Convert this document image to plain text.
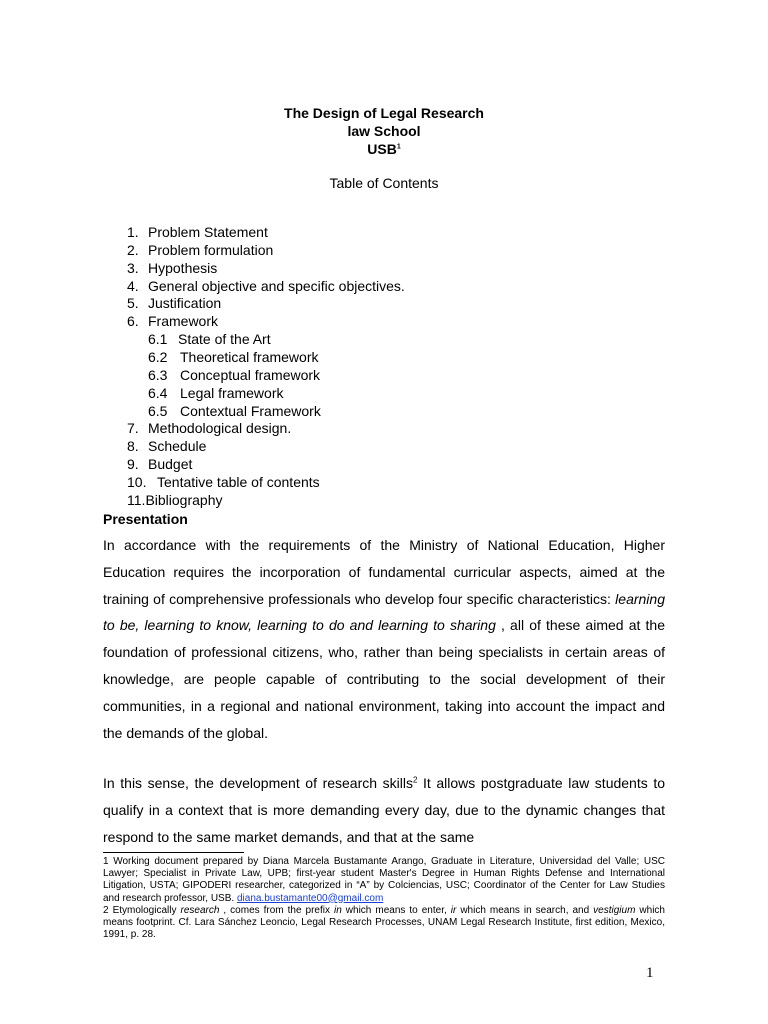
The Design of Legal Research
law School
USB$^1$
Table of Contents
1. Problem Statement
2. Problem formulation
3. Hypothesis
4. General objective and specific objectives.
5. Justification
6. Framework
6.1 State of the Art
6.2 Theoretical framework
6.3 Conceptual framework
6.4 Legal framework
6.5 Contextual Framework
7. Methodological design.
8. Schedule
9. Budget
10. Tentative table of contents
11.Bibliography
Presentation
In accordance with the requirements of the Ministry of National Education, Higher Education requires the incorporation of fundamental curricular aspects, aimed at the training of comprehensive professionals who develop four specific characteristics: learning to be, learning to know, learning to do and learning to sharing , all of these aimed at the foundation of professional citizens, who, rather than being specialists in certain areas of knowledge, are people capable of contributing to the social development of their communities, in a regional and national environment, taking into account the impact and the demands of the global.
In this sense, the development of research skills$^2$ It allows postgraduate law students to qualify in a context that is more demanding every day, due to the dynamic changes that respond to the same market demands, and that at the same

1 Working document prepared by Diana Marcela Bustamante Arango, Graduate in Literature, Universidad del Valle; USC Lawyer; Specialist in Private Law, UPB; first-year student Master's Degree in Human Rights Defense and International Litigation, USTA; GIPODERI researcher, categorized in “A” by Colciencias, USC; Coordinator of the Center for Law Studies and research professor, USB. diana.bustamante00@gmail.com

2 Etymologically research , comes from the prefix in which means to enter, ir which means in search, and vestigium which means footprint. Cf. Lara Sánchez Leoncio, Legal Research Processes, UNAM Legal Research Institute, first edition, Mexico, 1991, p. 28.

1
